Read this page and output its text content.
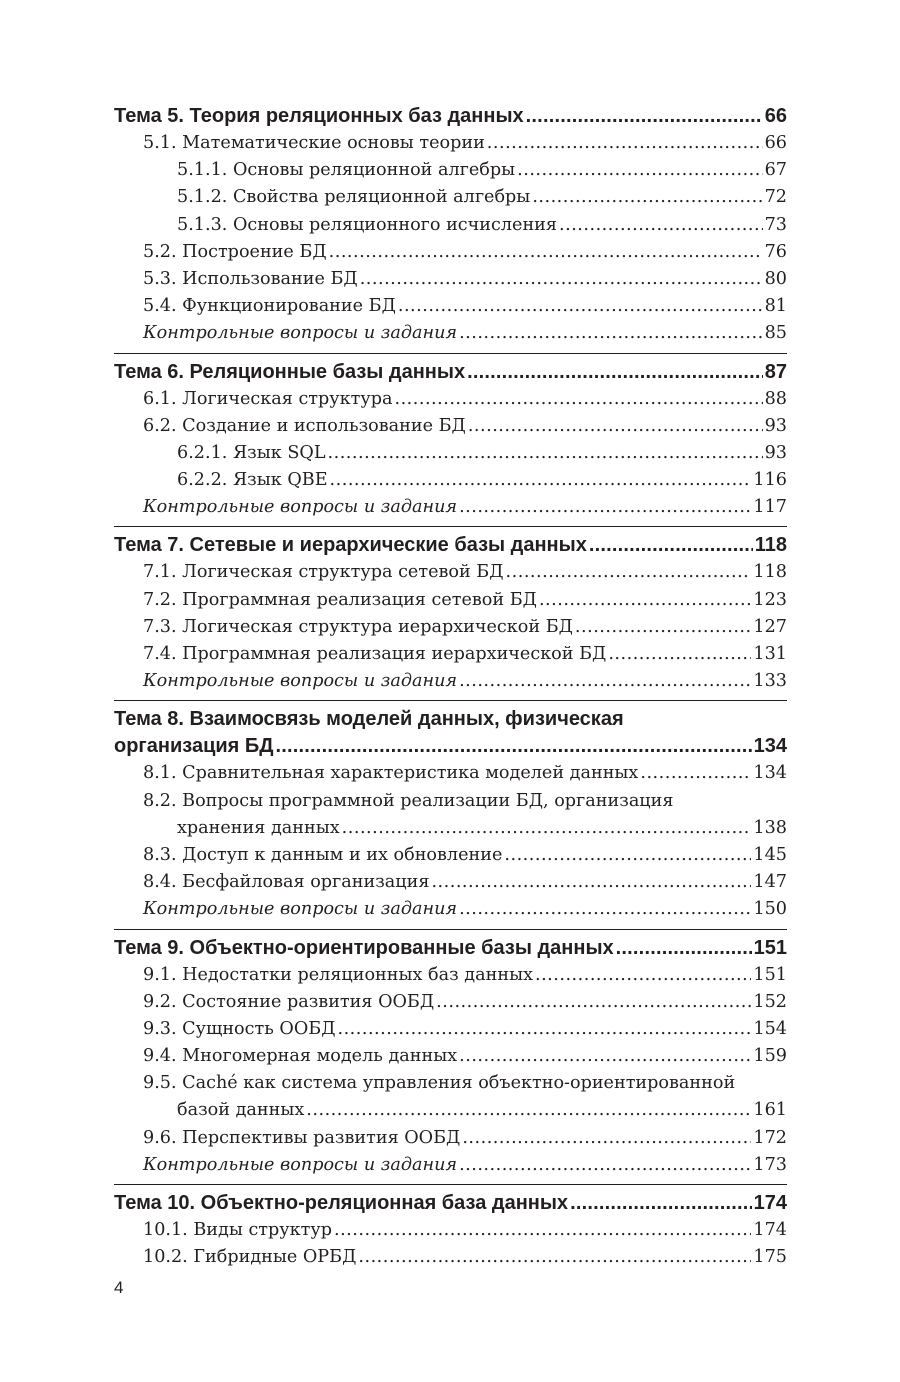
Тема 5. Теория реляционных баз данных .....	66
5.1. Математические основы теории .....	66
5.1.1. Основы реляционной алгебры .....	67
5.1.2. Свойства реляционной алгебры .....	72
5.1.3. Основы реляционного исчисления .....	73
5.2. Построение БД .....	76
5.3. Использование БД .....	80
5.4. Функционирование БД .....	81
Контрольные вопросы и задания .....	85
Тема 6. Реляционные базы данных .....	87
6.1. Логическая структура .....	88
6.2. Создание и использование БД .....	93
6.2.1. Язык SQL .....	93
6.2.2. Язык QBE .....	116
Контрольные вопросы и задания .....	117
Тема 7. Сетевые и иерархические базы данных .....	118
7.1. Логическая структура сетевой БД .....	118
7.2. Программная реализация сетевой БД .....	123
7.3. Логическая структура иерархической БД .....	127
7.4. Программная реализация иерархической БД .....	131
Контрольные вопросы и задания .....	133
Тема 8. Взаимосвязь моделей данных, физическая
организация БД .....	134
8.1. Сравнительная характеристика моделей данных .....	134
8.2. Вопросы программной реализации БД, организация
хранения данных .....	138
8.3. Доступ к данным и их обновление .....	145
8.4. Бесфайловая организация .....	147
Контрольные вопросы и задания .....	150
Тема 9. Объектно-ориентированные базы данных .....	151
9.1. Недостатки реляционных баз данных .....	151
9.2. Состояние развития ООБД .....	152
9.3. Сущность ООБД .....	154
9.4. Многомерная модель данных .....	159
9.5. Caché как система управления объектно-ориентированной
базой данных .....	161
9.6. Перспективы развития ООБД .....	172
Контрольные вопросы и задания .....	173
Тема 10. Объектно-реляционная база данных .....	174
10.1. Виды структур .....	174
10.2. Гибридные ОРБД .....	175
4
